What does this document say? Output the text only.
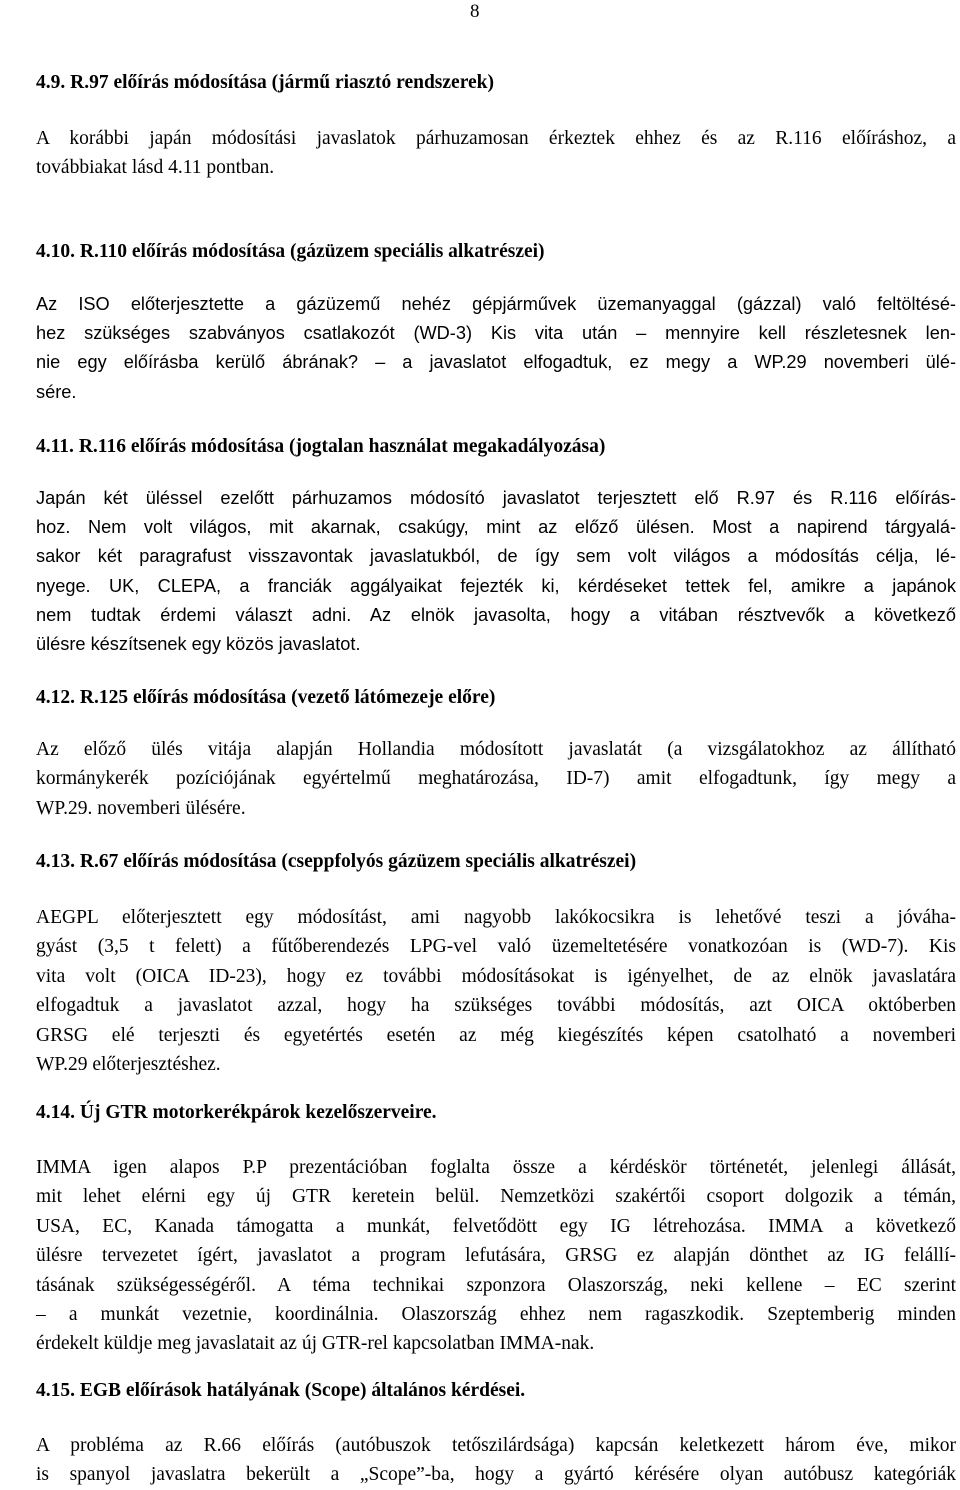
8
4.9. R.97 előírás módosítása (jármű riasztó rendszerek)
A korábbi japán módosítási javaslatok párhuzamosan érkeztek ehhez és az R.116 előíráshoz, a
továbbiakat lásd 4.11 pontban.
4.10. R.110 előírás módosítása (gázüzem speciális alkatrészei)
Az ISO előterjesztette a gázüzemű nehéz gépjárművek üzemanyaggal (gázzal) való feltöltésé-
hez szükséges szabványos csatlakozót (WD-3) Kis vita után – mennyire kell részletesnek len-
nie egy előírásba kerülő ábrának? – a javaslatot elfogadtuk, ez megy a WP.29 novemberi ülé-
sére.
4.11. R.116 előírás módosítása (jogtalan használat megakadályozása)
Japán két üléssel ezelőtt párhuzamos módosító javaslatot terjesztett elő R.97 és R.116 előírás-
hoz. Nem volt világos, mit akarnak, csakúgy, mint az előző ülésen. Most a napirend tárgyalá-
sakor két paragrafust visszavontak javaslatukból, de így sem volt világos a módosítás célja, lé-
nyege. UK, CLEPA, a franciák aggályaikat fejezték ki, kérdéseket tettek fel, amikre a japánok
nem tudtak érdemi választ adni. Az elnök javasolta, hogy a vitában résztvevők a következő
ülésre készítsenek egy közös javaslatot.
4.12. R.125 előírás módosítása (vezető látómezeje előre)
Az előző ülés vitája alapján Hollandia módosított javaslatát (a vizsgálatokhoz az állítható
kormánykerék pozíciójának egyértelmű meghatározása, ID-7) amit elfogadtunk, így megy a
WP.29. novemberi ülésére.
4.13. R.67 előírás módosítása (cseppfolyós gázüzem speciális alkatrészei)
AEGPL előterjesztett egy módosítást, ami nagyobb lakókocsikra is lehetővé teszi a jóváha-
gyást (3,5 t felett) a fűtőberendezés LPG-vel való üzemeltetésére vonatkozóan is (WD-7). Kis
vita volt (OICA ID-23), hogy ez további módosításokat is igényelhet, de az elnök javaslatára
elfogadtuk a javaslatot azzal, hogy ha szükséges további módosítás, azt OICA októberben
GRSG elé terjeszti és egyetértés esetén az még kiegészítés képen csatolható a novemberi
WP.29 előterjesztéshez.
4.14. Új GTR motorkerékpárok kezelőszerveire.
IMMA igen alapos P.P prezentációban foglalta össze a kérdéskör történetét, jelenlegi állását,
mit lehet elérni egy új GTR keretein belül. Nemzetközi szakértői csoport dolgozik a témán,
USA, EC, Kanada támogatta a munkát, felvetődött egy IG létrehozása. IMMA a következő
ülésre tervezetet ígért, javaslatot a program lefutására, GRSG ez alapján dönthet az IG felállí-
tásának szükségességéről. A téma technikai szponzora Olaszország, neki kellene – EC szerint
– a munkát vezetnie, koordinálnia. Olaszország ehhez nem ragaszkodik. Szeptemberig minden
érdekelt küldje meg javaslatait az új GTR-rel kapcsolatban IMMA-nak.
4.15. EGB előírások hatályának (Scope) általános kérdései.
A probléma az R.66 előírás (autóbuszok tetőszilárdsága) kapcsán keletkezett három éve, mikor
is spanyol javaslatra bekerült a „Scope”-ba, hogy a gyártó kérésére olyan autóbusz kategóriák
